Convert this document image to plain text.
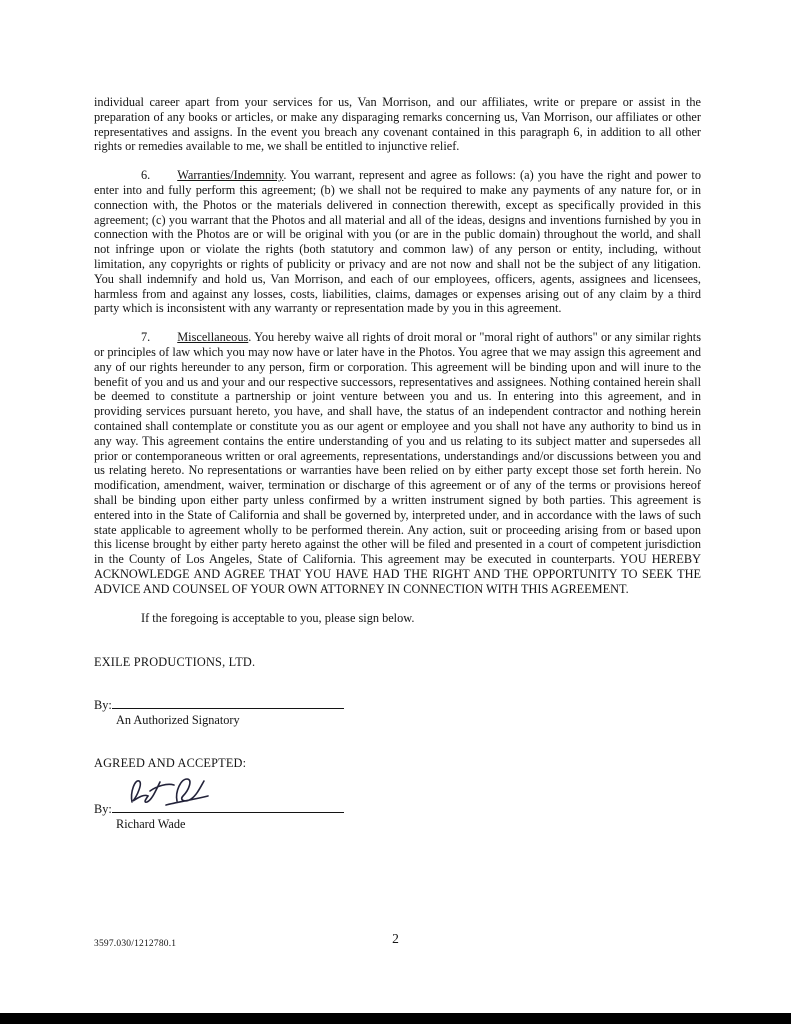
individual career apart from your services for us, Van Morrison, and our affiliates, write or prepare or assist in the preparation of any books or articles, or make any disparaging remarks concerning us, Van Morrison, our affiliates or other representatives and assigns. In the event you breach any covenant contained in this paragraph 6, in addition to all other rights or remedies available to me, we shall be entitled to injunctive relief.

6. Warranties/Indemnity. You warrant, represent and agree as follows: (a) you have the right and power to enter into and fully perform this agreement; (b) we shall not be required to make any payments of any nature for, or in connection with, the Photos or the materials delivered in connection therewith, except as specifically provided in this agreement; (c) you warrant that the Photos and all material and all of the ideas, designs and inventions furnished by you in connection with the Photos are or will be original with you (or are in the public domain) throughout the world, and shall not infringe upon or violate the rights (both statutory and common law) of any person or entity, including, without limitation, any copyrights or rights of publicity or privacy and are not now and shall not be the subject of any litigation. You shall indemnify and hold us, Van Morrison, and each of our employees, officers, agents, assignees and licensees, harmless from and against any losses, costs, liabilities, claims, damages or expenses arising out of any claim by a third party which is inconsistent with any warranty or representation made by you in this agreement.

7. Miscellaneous. You hereby waive all rights of droit moral or "moral right of authors" or any similar rights or principles of law which you may now have or later have in the Photos. You agree that we may assign this agreement and any of our rights hereunder to any person, firm or corporation. This agreement will be binding upon and will inure to the benefit of you and us and your and our respective successors, representatives and assignees. Nothing contained herein shall be deemed to constitute a partnership or joint venture between you and us. In entering into this agreement, and in providing services pursuant hereto, you have, and shall have, the status of an independent contractor and nothing herein contained shall contemplate or constitute you as our agent or employee and you shall not have any authority to bind us in any way. This agreement contains the entire understanding of you and us relating to its subject matter and supersedes all prior or contemporaneous written or oral agreements, representations, understandings and/or discussions between you and us relating hereto. No representations or warranties have been relied on by either party except those set forth herein. No modification, amendment, waiver, termination or discharge of this agreement or of any of the terms or provisions hereof shall be binding upon either party unless confirmed by a written instrument signed by both parties. This agreement is entered into in the State of California and shall be governed by, interpreted under, and in accordance with the laws of such state applicable to agreement wholly to be performed therein. Any action, suit or proceeding arising from or based upon this license brought by either party hereto against the other will be filed and presented in a court of competent jurisdiction in the County of Los Angeles, State of California. This agreement may be executed in counterparts. YOU HEREBY ACKNOWLEDGE AND AGREE THAT YOU HAVE HAD THE RIGHT AND THE OPPORTUNITY TO SEEK THE ADVICE AND COUNSEL OF YOUR OWN ATTORNEY IN CONNECTION WITH THIS AGREEMENT.

If the foregoing is acceptable to you, please sign below.

EXILE PRODUCTIONS, LTD.

By:

An Authorized Signatory

AGREED AND ACCEPTED:

By:

Richard Wade

3597.030/1212780.1	2
